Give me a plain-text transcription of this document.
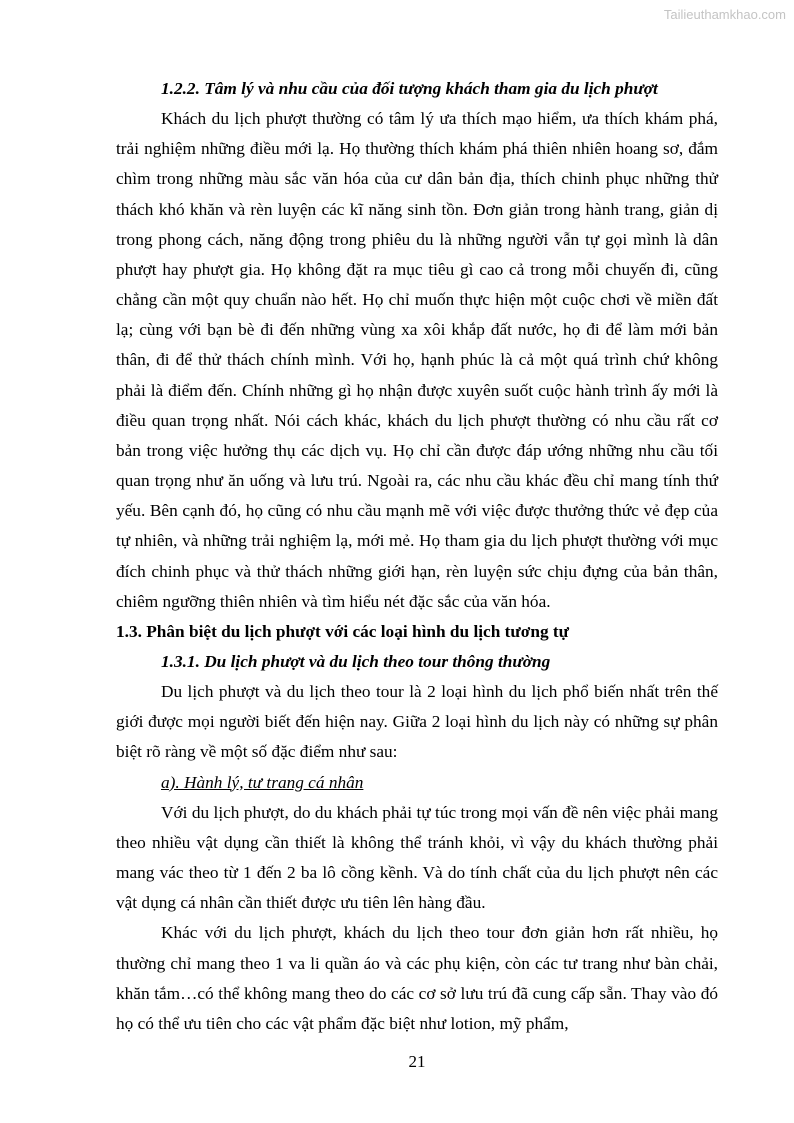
Tailieuthamkhao.com

1.2.2. Tâm lý và nhu cầu của đối tượng khách tham gia du lịch phượt

Khách du lịch phượt thường có tâm lý ưa thích mạo hiểm, ưa thích khám phá, trải nghiệm những điều mới lạ. Họ thường thích khám phá thiên nhiên hoang sơ, đắm chìm trong những màu sắc văn hóa của cư dân bản địa, thích chinh phục những thử thách khó khăn và rèn luyện các kĩ năng sinh tồn. Đơn giản trong hành trang, giản dị trong phong cách, năng động trong phiêu du là những người vẫn tự gọi mình là dân phượt hay phượt gia. Họ không đặt ra mục tiêu gì cao cả trong mỗi chuyến đi, cũng chẳng cần một quy chuẩn nào hết. Họ chỉ muốn thực hiện một cuộc chơi về miền đất lạ; cùng với bạn bè đi đến những vùng xa xôi khắp đất nước, họ đi để làm mới bản thân, đi để thử thách chính mình. Với họ, hạnh phúc là cả một quá trình chứ không phải là điểm đến. Chính những gì họ nhận được xuyên suốt cuộc hành trình ấy mới là điều quan trọng nhất. Nói cách khác, khách du lịch phượt thường có nhu cầu rất cơ bản trong việc hưởng thụ các dịch vụ. Họ chỉ cần được đáp ướng những nhu cầu tối quan trọng như ăn uống và lưu trú. Ngoài ra, các nhu cầu khác đều chỉ mang tính thứ yếu. Bên cạnh đó, họ cũng có nhu cầu mạnh mẽ với việc được thưởng thức vẻ đẹp của tự nhiên, và những trải nghiệm lạ, mới mẻ. Họ tham gia du lịch phượt thường với mục đích chinh phục và thử thách những giới hạn, rèn luyện sức chịu đựng của bản thân, chiêm ngưỡng thiên nhiên và tìm hiểu nét đặc sắc của văn hóa.

1.3. Phân biệt du lịch phượt với các loại hình du lịch tương tự

1.3.1. Du lịch phượt và du lịch theo tour thông thường

Du lịch phượt và du lịch theo tour là 2 loại hình du lịch phổ biến nhất trên thế giới được mọi người biết đến hiện nay. Giữa 2 loại hình du lịch này có những sự phân biệt rõ ràng về một số đặc điểm như sau:

a). Hành lý, tư trang cá nhân

Với du lịch phượt, do du khách phải tự túc trong mọi vấn đề nên việc phải mang theo nhiều vật dụng cần thiết là không thể tránh khỏi, vì vậy du khách thường phải mang vác theo từ 1 đến 2 ba lô cồng kềnh. Và do tính chất của du lịch phượt nên các vật dụng cá nhân cần thiết được ưu tiên lên hàng đầu.

Khác với du lịch phượt, khách du lịch theo tour đơn giản hơn rất nhiều, họ thường chỉ mang theo 1 va li quần áo và các phụ kiện, còn các tư trang như bàn chải, khăn tắm…có thể không mang theo do các cơ sở lưu trú đã cung cấp sẵn. Thay vào đó họ có thể ưu tiên cho các vật phẩm đặc biệt như lotion, mỹ phẩm,

21
